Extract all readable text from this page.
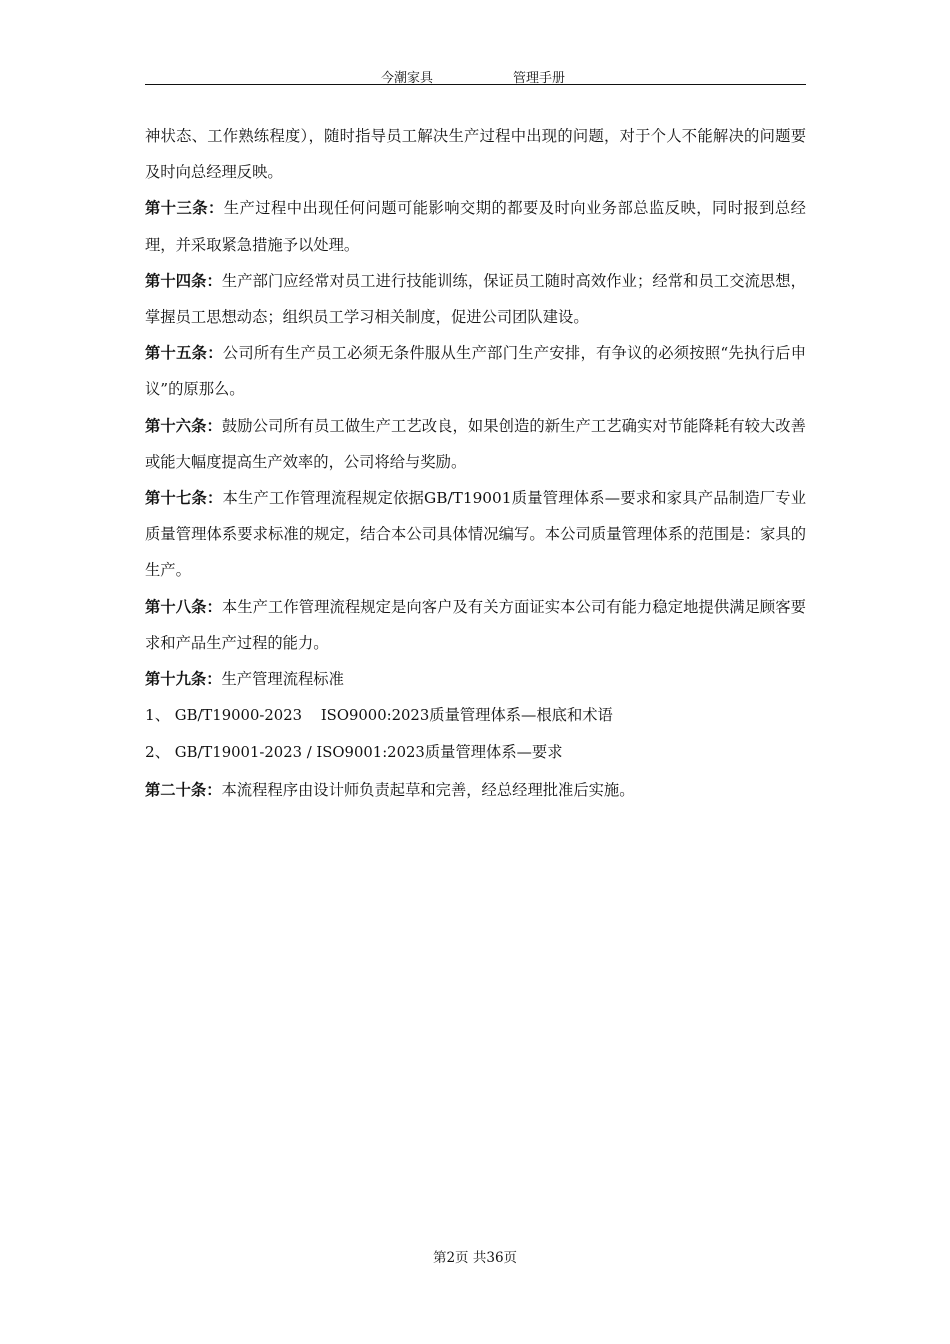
今潮家具	管理手册

神状态、工作熟练程度），随时指导员工解决生产过程中出现的问题，对于个人不能解决的问题要及时向总经理反映。

第十三条：生产过程中出现任何问题可能影响交期的都要及时向业务部总监反映，同时报到总经理，并采取紧急措施予以处理。

第十四条：生产部门应经常对员工进行技能训练，保证员工随时高效作业；经常和员工交流思想，掌握员工思想动态；组织员工学习相关制度，促进公司团队建设。

第十五条：公司所有生产员工必须无条件服从生产部门生产安排，有争议的必须按照“先执行后申议”的原那么。

第十六条：鼓励公司所有员工做生产工艺改良，如果创造的新生产工艺确实对节能降耗有较大改善或能大幅度提高生产效率的，公司将给与奖励。

第十七条：本生产工作管理流程规定依据GB/T19001质量管理体系—要求和家具产品制造厂专业质量管理体系要求标准的规定，结合本公司具体情况编写。本公司质量管理体系的范围是：家具的生产。

第十八条：本生产工作管理流程规定是向客户及有关方面证实本公司有能力稳定地提供满足顾客要求和产品生产过程的能力。

第十九条：生产管理流程标准

1、 GB/T19000-2023    ISO9000:2023质量管理体系—根底和术语

2、 GB/T19001-2023 / ISO9001:2023质量管理体系—要求

第二十条：本流程程序由设计师负责起草和完善，经总经理批准后实施。

第2页 共36页
